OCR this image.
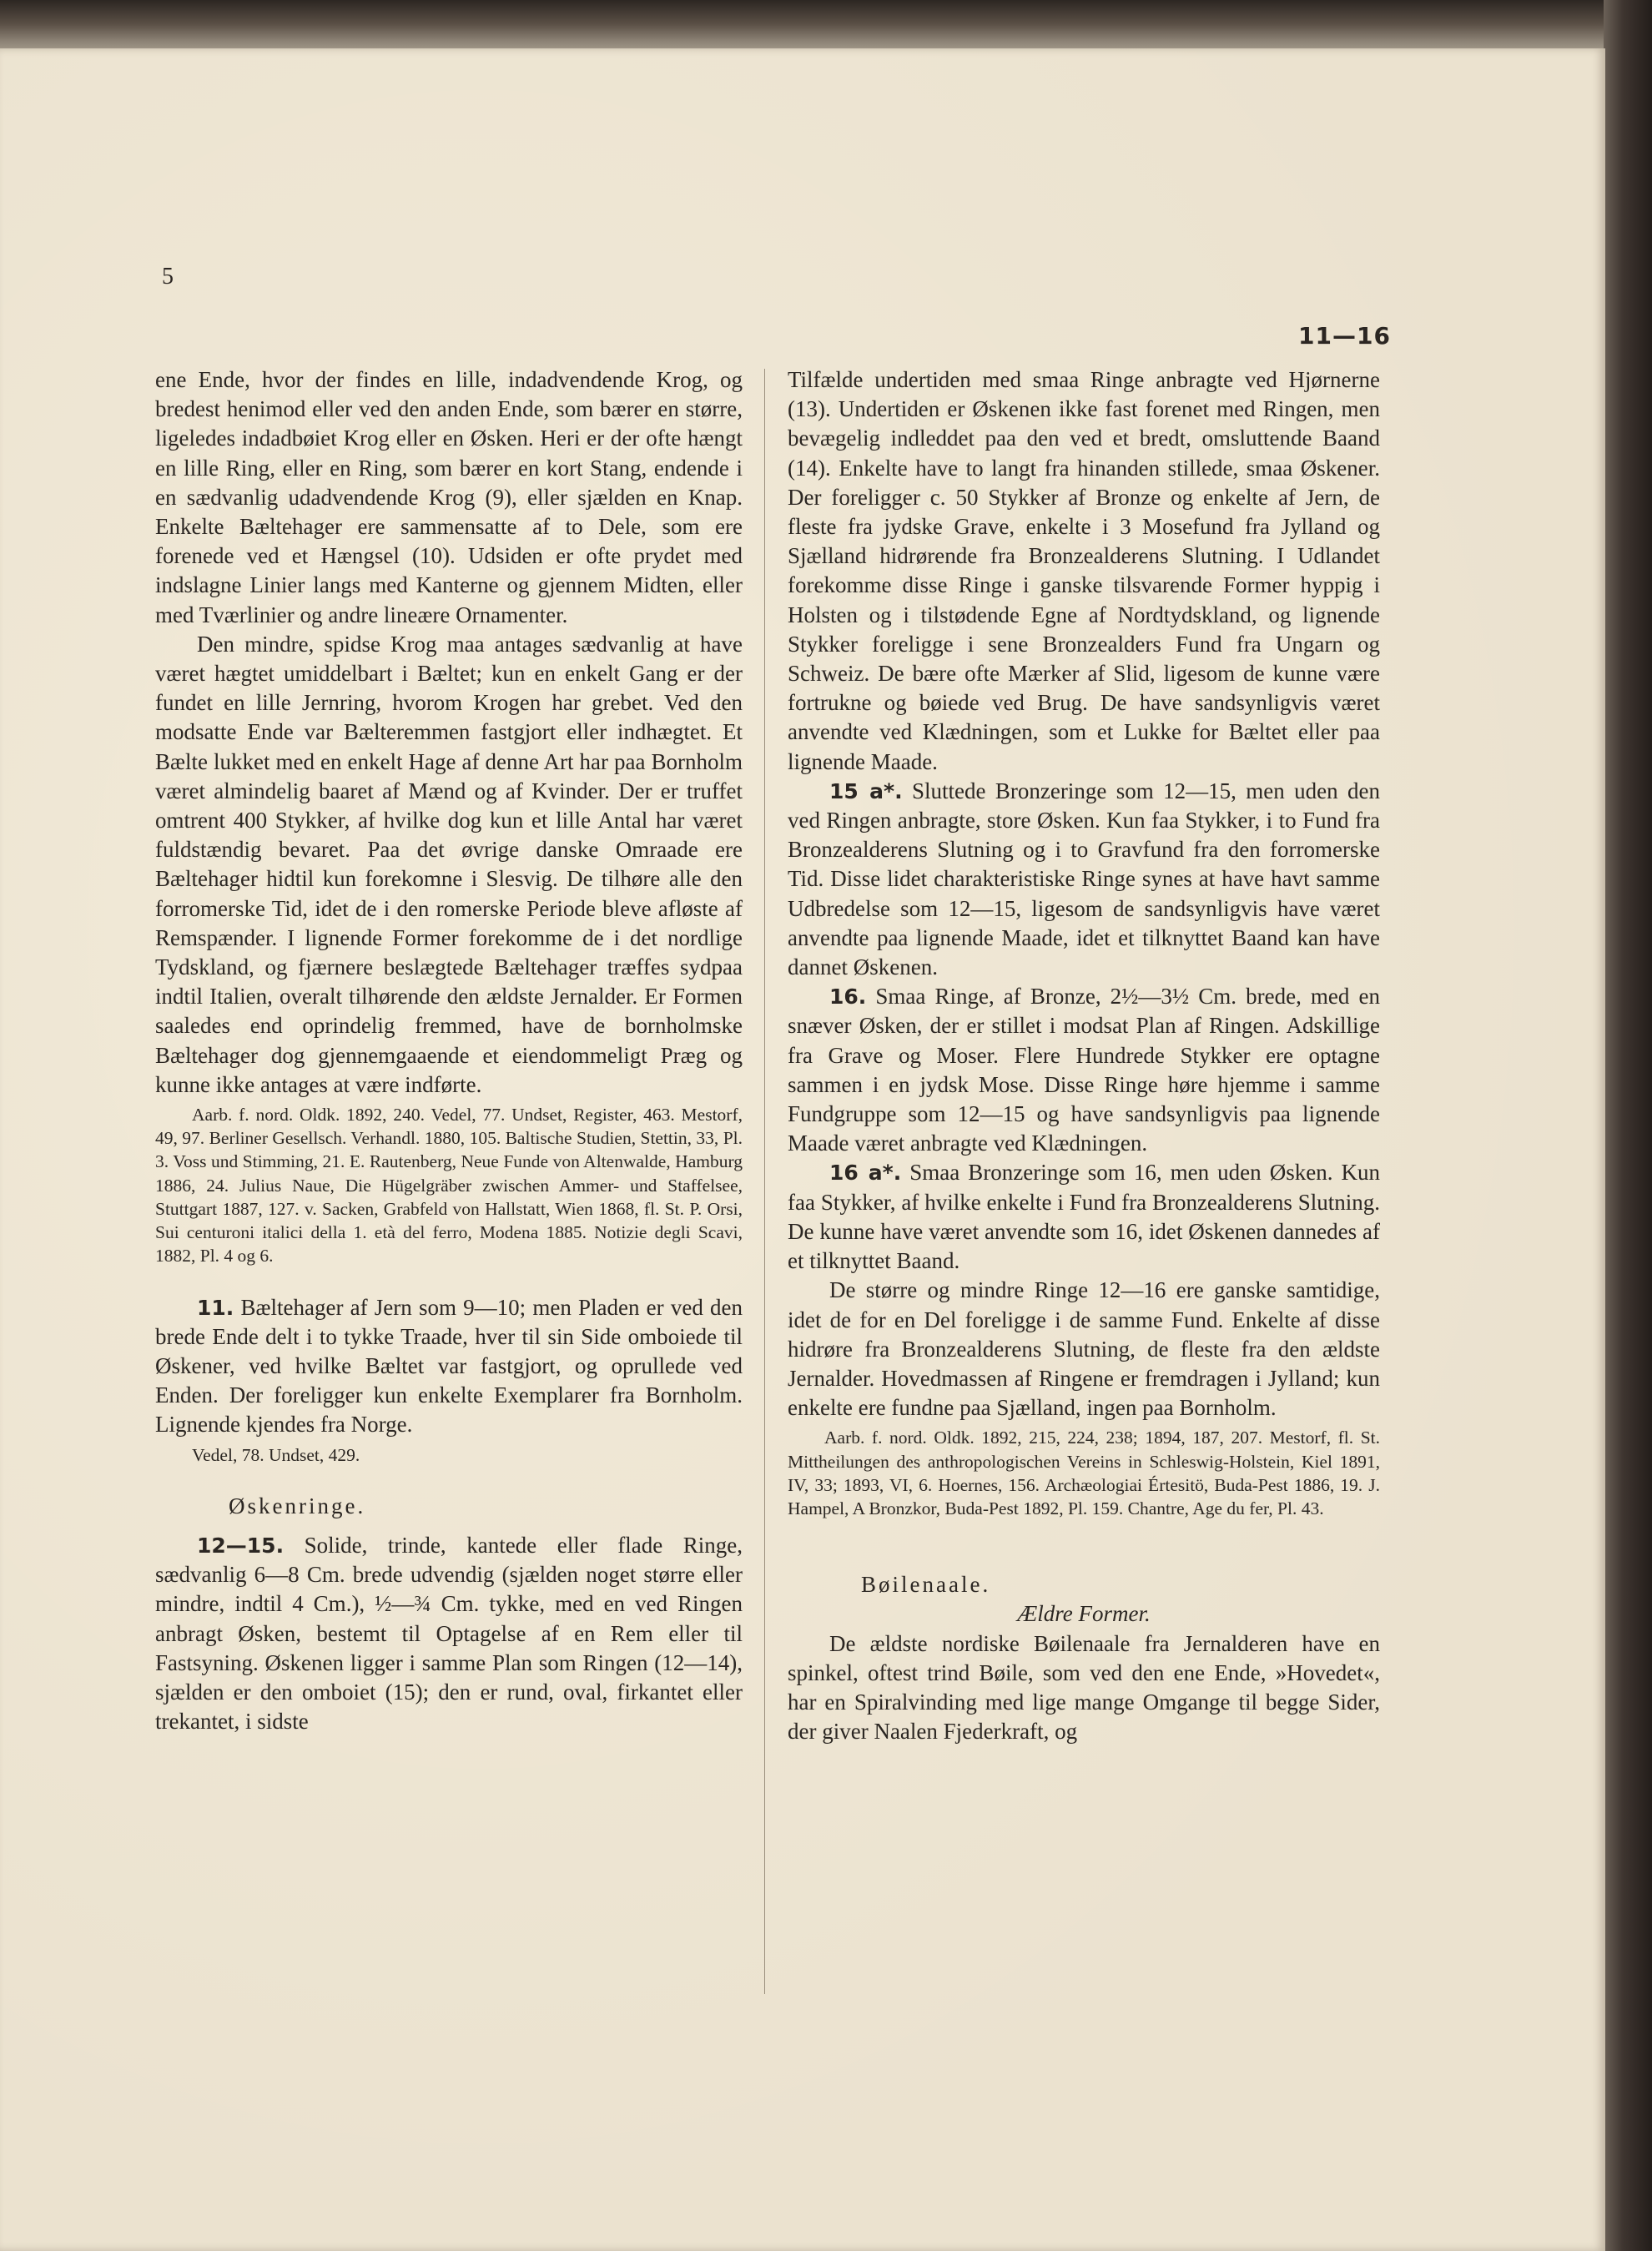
5
11—16

ene Ende, hvor der findes en lille, indadvendende Krog, og bredest henimod eller ved den anden Ende, som bærer en større, ligeledes indadbøiet Krog eller en Øsken. Heri er der ofte hængt en lille Ring, eller en Ring, som bærer en kort Stang, endende i en sædvanlig udadvendende Krog (9), eller sjælden en Knap. Enkelte Bæltehager ere sammensatte af to Dele, som ere forenede ved et Hængsel (10). Udsiden er ofte prydet med indslagne Linier langs med Kanterne og gjennem Midten, eller med Tværlinier og andre lineære Ornamenter.

Den mindre, spidse Krog maa antages sædvanlig at have været hægtet umiddelbart i Bæltet; kun en enkelt Gang er der fundet en lille Jernring, hvorom Krogen har grebet. Ved den modsatte Ende var Bælteremmen fastgjort eller indhægtet. Et Bælte lukket med en enkelt Hage af denne Art har paa Bornholm været almindelig baaret af Mænd og af Kvinder. Der er truffet omtrent 400 Stykker, af hvilke dog kun et lille Antal har været fuldstændig bevaret. Paa det øvrige danske Omraade ere Bæltehager hidtil kun forekomne i Slesvig. De tilhøre alle den forromerske Tid, idet de i den romerske Periode bleve afløste af Remspænder. I lignende Former forekomme de i det nordlige Tydskland, og fjærnere beslægtede Bæltehager træffes sydpaa indtil Italien, overalt tilhørende den ældste Jernalder. Er Formen saaledes end oprindelig fremmed, have de bornholmske Bæltehager dog gjennemgaaende et eiendommeligt Præg og kunne ikke antages at være indførte.

Aarb. f. nord. Oldk. 1892, 240. Vedel, 77. Undset, Register, 463. Mestorf, 49, 97. Berliner Gesellsch. Verhandl. 1880, 105. Baltische Studien, Stettin, 33, Pl. 3. Voss und Stimming, 21. E. Rautenberg, Neue Funde von Altenwalde, Hamburg 1886, 24. Julius Naue, Die Hügelgräber zwischen Ammer- und Staffelsee, Stuttgart 1887, 127. v. Sacken, Grabfeld von Hallstatt, Wien 1868, fl. St. P. Orsi, Sui centuroni italici della 1. età del ferro, Modena 1885. Notizie degli Scavi, 1882, Pl. 4 og 6.

11. Bæltehager af Jern som 9—10; men Pladen er ved den brede Ende delt i to tykke Traade, hver til sin Side omboiede til Øskener, ved hvilke Bæltet var fastgjort, og oprullede ved Enden. Der foreligger kun enkelte Exemplarer fra Bornholm. Lignende kjendes fra Norge.

Vedel, 78. Undset, 429.

Øskenringe.

12—15. Solide, trinde, kantede eller flade Ringe, sædvanlig 6—8 Cm. brede udvendig (sjælden noget større eller mindre, indtil 4 Cm.), ½—¾ Cm. tykke, med en ved Ringen anbragt Øsken, bestemt til Optagelse af en Rem eller til Fastsyning. Øskenen ligger i samme Plan som Ringen (12—14), sjælden er den omboiet (15); den er rund, oval, firkantet eller trekantet, i sidste

Tilfælde undertiden med smaa Ringe anbragte ved Hjørnerne (13). Undertiden er Øskenen ikke fast forenet med Ringen, men bevægelig indleddet paa den ved et bredt, omsluttende Baand (14). Enkelte have to langt fra hinanden stillede, smaa Øskener. Der foreligger c. 50 Stykker af Bronze og enkelte af Jern, de fleste fra jydske Grave, enkelte i 3 Mosefund fra Jylland og Sjælland hidrørende fra Bronzealderens Slutning. I Udlandet forekomme disse Ringe i ganske tilsvarende Former hyppig i Holsten og i tilstødende Egne af Nordtydskland, og lignende Stykker foreligge i sene Bronzealders Fund fra Ungarn og Schweiz. De bære ofte Mærker af Slid, ligesom de kunne være fortrukne og bøiede ved Brug. De have sandsynligvis været anvendte ved Klædningen, som et Lukke for Bæltet eller paa lignende Maade.

15 a*. Sluttede Bronzeringe som 12—15, men uden den ved Ringen anbragte, store Øsken. Kun faa Stykker, i to Fund fra Bronzealderens Slutning og i to Gravfund fra den forromerske Tid. Disse lidet charakteristiske Ringe synes at have havt samme Udbredelse som 12—15, ligesom de sandsynligvis have været anvendte paa lignende Maade, idet et tilknyttet Baand kan have dannet Øskenen.

16. Smaa Ringe, af Bronze, 2½—3½ Cm. brede, med en snæver Øsken, der er stillet i modsat Plan af Ringen. Adskillige fra Grave og Moser. Flere Hundrede Stykker ere optagne sammen i en jydsk Mose. Disse Ringe høre hjemme i samme Fundgruppe som 12—15 og have sandsynligvis paa lignende Maade været anbragte ved Klædningen.

16 a*. Smaa Bronzeringe som 16, men uden Øsken. Kun faa Stykker, af hvilke enkelte i Fund fra Bronzealderens Slutning. De kunne have været anvendte som 16, idet Øskenen dannedes af et tilknyttet Baand.

De større og mindre Ringe 12—16 ere ganske samtidige, idet de for en Del foreligge i de samme Fund. Enkelte af disse hidrøre fra Bronzealderens Slutning, de fleste fra den ældste Jernalder. Hovedmassen af Ringene er fremdragen i Jylland; kun enkelte ere fundne paa Sjælland, ingen paa Bornholm.

Aarb. f. nord. Oldk. 1892, 215, 224, 238; 1894, 187, 207. Mestorf, fl. St. Mittheilungen des anthropologischen Vereins in Schleswig-Holstein, Kiel 1891, IV, 33; 1893, VI, 6. Hoernes, 156. Archæologiai Értesitö, Buda-Pest 1886, 19. J. Hampel, A Bronzkor, Buda-Pest 1892, Pl. 159. Chantre, Age du fer, Pl. 43.

Bøilenaale.

Ældre Former.

De ældste nordiske Bøilenaale fra Jernalderen have en spinkel, oftest trind Bøile, som ved den ene Ende, »Hovedet«, har en Spiralvinding med lige mange Omgange til begge Sider, der giver Naalen Fjederkraft, og
